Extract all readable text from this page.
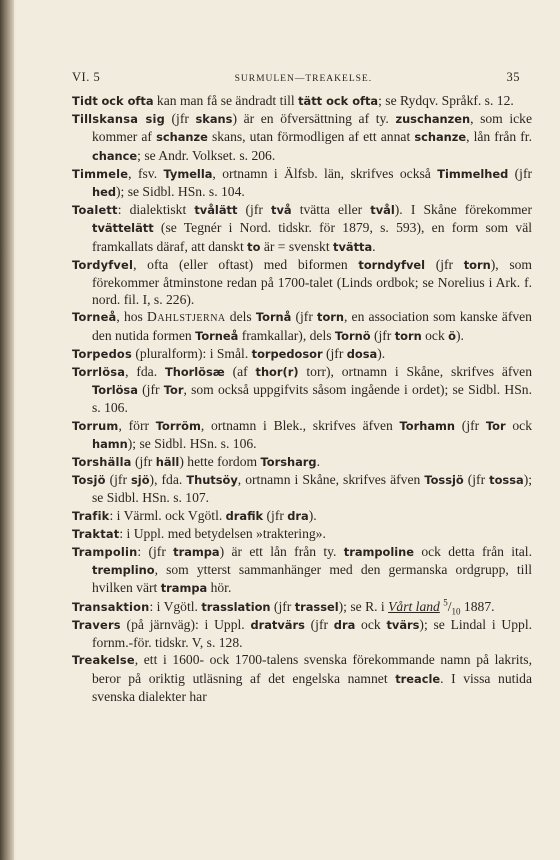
VI. 5	SURMULEN—TREAKELSE.	35

Tidt ock ofta kan man få se ändradt till tätt ock ofta; se Rydqv. Språkf. s. 12.

Tillskansa sig (jfr skans) är en öfversättning af ty. zuschanzen, som icke kommer af schanze skans, utan förmodligen af ett annat schanze, lån från fr. chance; se Andr. Volkset. s. 206.

Timmele, fsv. Tymella, ortnamn i Älfsb. län, skrifves också Timmelhed (jfr hed); se Sidbl. HSn. s. 104.

Toalett: dialektiskt tvålätt (jfr två tvätta eller tvål). I Skåne förekommer tvättelätt (se Tegnér i Nord. tidskr. för 1879, s. 593), en form som väl framkallats däraf, att danskt to är = svenskt tvätta.

Tordyfvel, ofta (eller oftast) med biformen torndyfvel (jfr torn), som förekommer åtminstone redan på 1700-talet (Linds ordbok; se Norelius i Ark. f. nord. fil. I, s. 226).

Torneå, hos Dahlstjerna dels Tornå (jfr torn, en association som kanske äfven den nutida formen Torneå framkallar), dels Tornö (jfr torn ock ö).

Torpedos (pluralform): i Smål. torpedosor (jfr dosa).

Torrlösa, fda. Thorlösæ (af thor(r) torr), ortnamn i Skåne, skrifves äfven Torlösa (jfr Tor, som också uppgifvits såsom ingående i ordet); se Sidbl. HSn. s. 106.

Torrum, förr Torröm, ortnamn i Blek., skrifves äfven Torhamn (jfr Tor ock hamn); se Sidbl. HSn. s. 106.

Torshälla (jfr häll) hette fordom Torsharg.

Tosjö (jfr sjö), fda. Thutsöy, ortnamn i Skåne, skrifves äfven Tossjö (jfr tossa); se Sidbl. HSn. s. 107.

Trafik: i Värml. ock Vgötl. drafik (jfr dra).

Traktat: i Uppl. med betydelsen »traktering».

Trampolin: (jfr trampa) är ett lån från ty. trampoline ock detta från ital. tremplino, som ytterst sammanhänger med den germanska ordgrupp, till hvilken värt trampa hör.

Transaktion: i Vgötl. trasslation (jfr trassel); se R. i Vårt land $^5/_{10}$ 1887.

Travers (på järnväg): i Uppl. dratvärs (jfr dra ock tvärs); se Lindal i Uppl. fornm.-för. tidskr. V, s. 128.

Treakelse, ett i 1600- ock 1700-talens svenska förekommande namn på lakrits, beror på oriktig utläsning af det engelska namnet treacle. I vissa nutida svenska dialekter har
